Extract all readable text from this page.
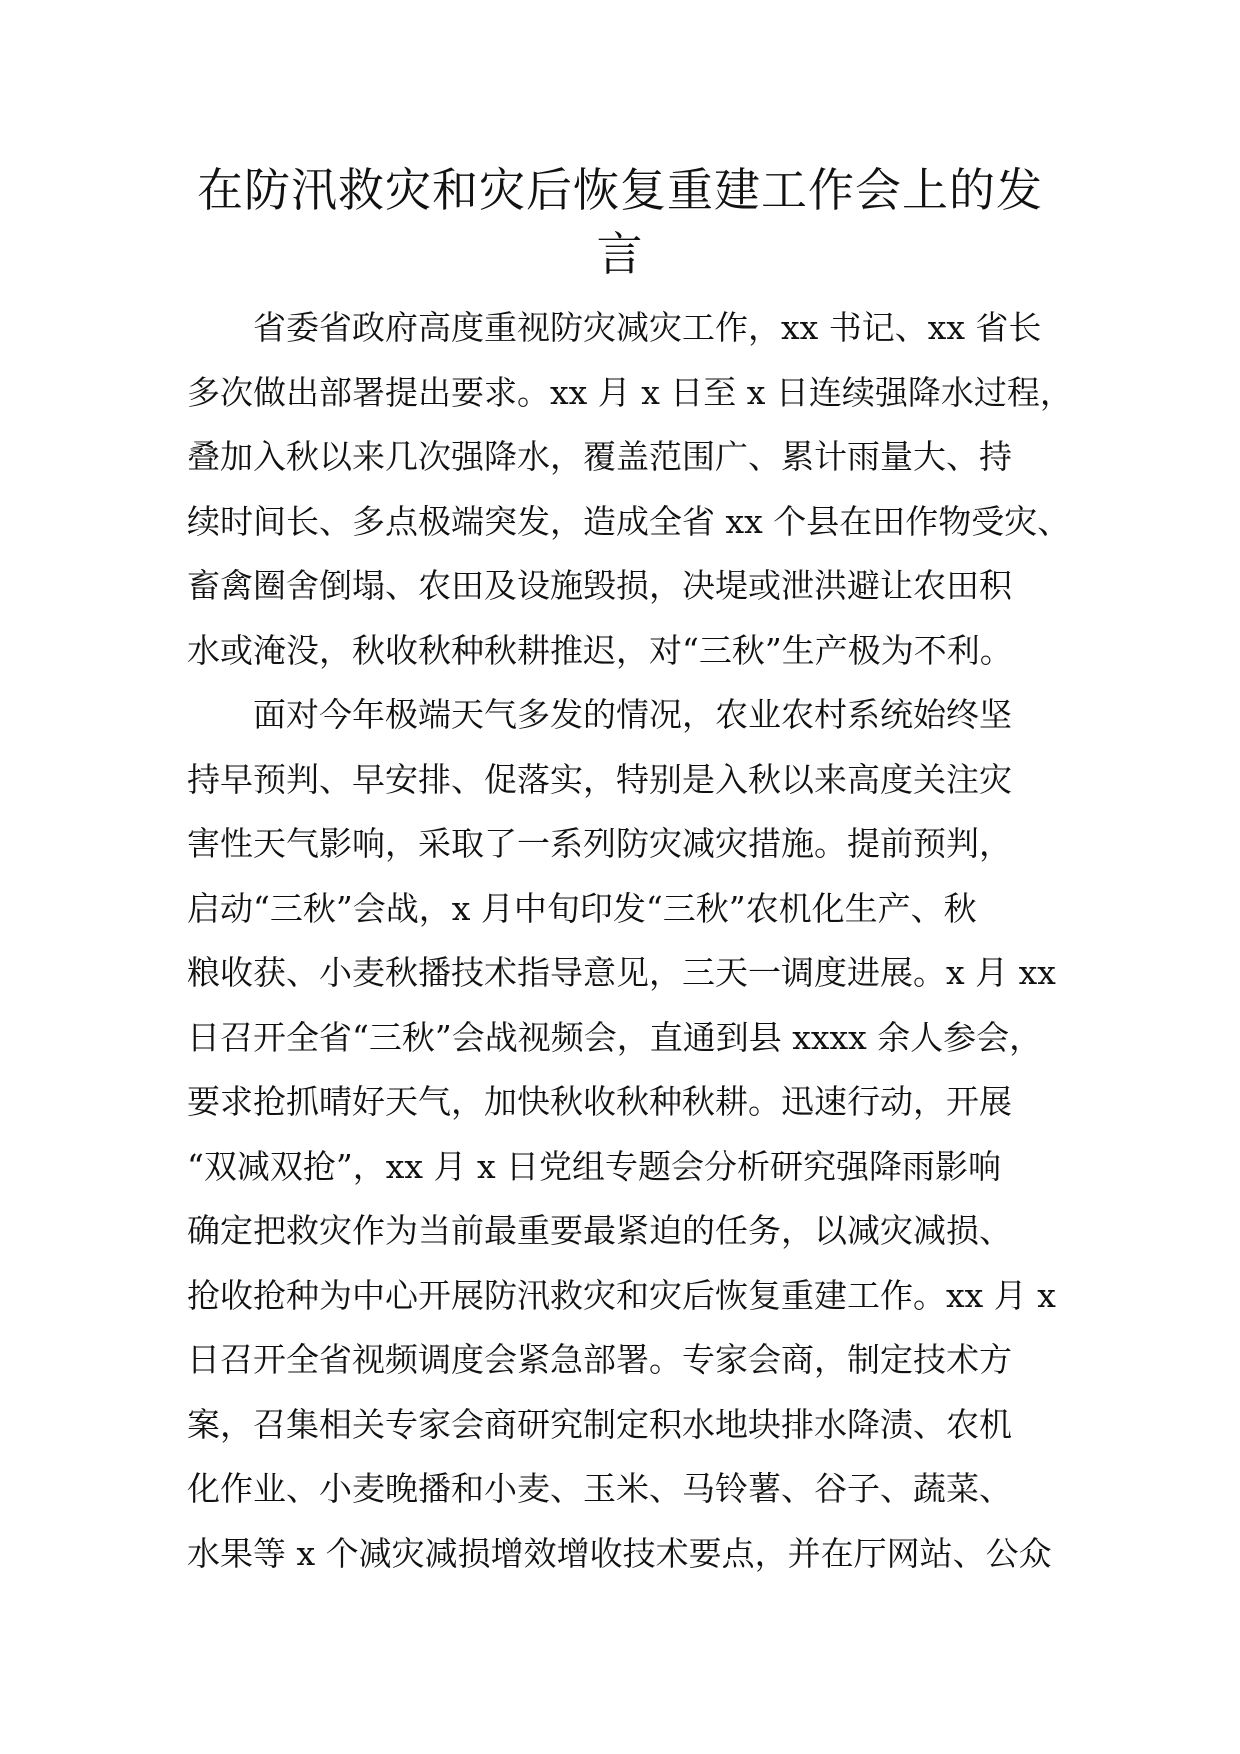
在防汛救灾和灾后恢复重建工作会上的发
言
省委省政府高度重视防灾减灾工作，xx 书记、xx 省长
多次做出部署提出要求。xx 月 x 日至 x 日连续强降水过程，
叠加入秋以来几次强降水，覆盖范围广、累计雨量大、持
续时间长、多点极端突发，造成全省 xx 个县在田作物受灾、
畜禽圈舍倒塌、农田及设施毁损，决堤或泄洪避让农田积
水或淹没，秋收秋种秋耕推迟，对“三秋”生产极为不利。
面对今年极端天气多发的情况，农业农村系统始终坚
持早预判、早安排、促落实，特别是入秋以来高度关注灾
害性天气影响，采取了一系列防灾减灾措施。提前预判，
启动“三秋”会战，x 月中旬印发“三秋”农机化生产、秋
粮收获、小麦秋播技术指导意见，三天一调度进展。x 月 xx
日召开全省“三秋”会战视频会，直通到县 xxxx 余人参会，
要求抢抓晴好天气，加快秋收秋种秋耕。迅速行动，开展
“双减双抢”，xx 月 x 日党组专题会分析研究强降雨影响
确定把救灾作为当前最重要最紧迫的任务，以减灾减损、
抢收抢种为中心开展防汛救灾和灾后恢复重建工作。xx 月 x
日召开全省视频调度会紧急部署。专家会商，制定技术方
案，召集相关专家会商研究制定积水地块排水降渍、农机
化作业、小麦晚播和小麦、玉米、马铃薯、谷子、蔬菜、
水果等 x 个减灾减损增效增收技术要点，并在厅网站、公众
